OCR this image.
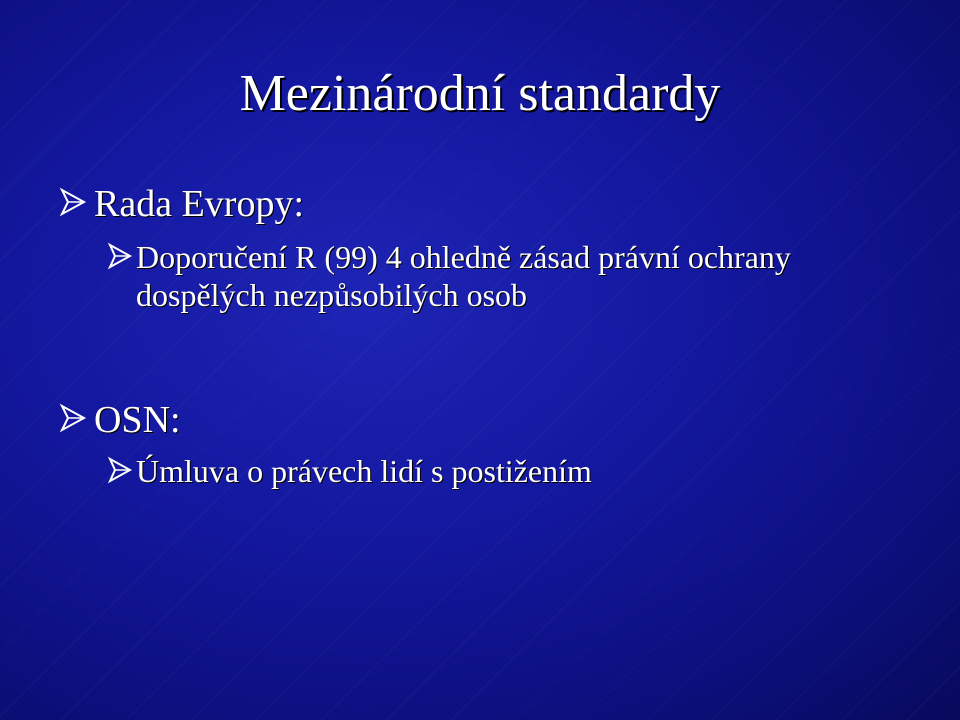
Mezinárodní standardy
Rada Evropy:
Doporučení R (99) 4 ohledně zásad právní ochrany dospělých nezpůsobilých osob
OSN:
Úmluva o právech lidí s postižením
